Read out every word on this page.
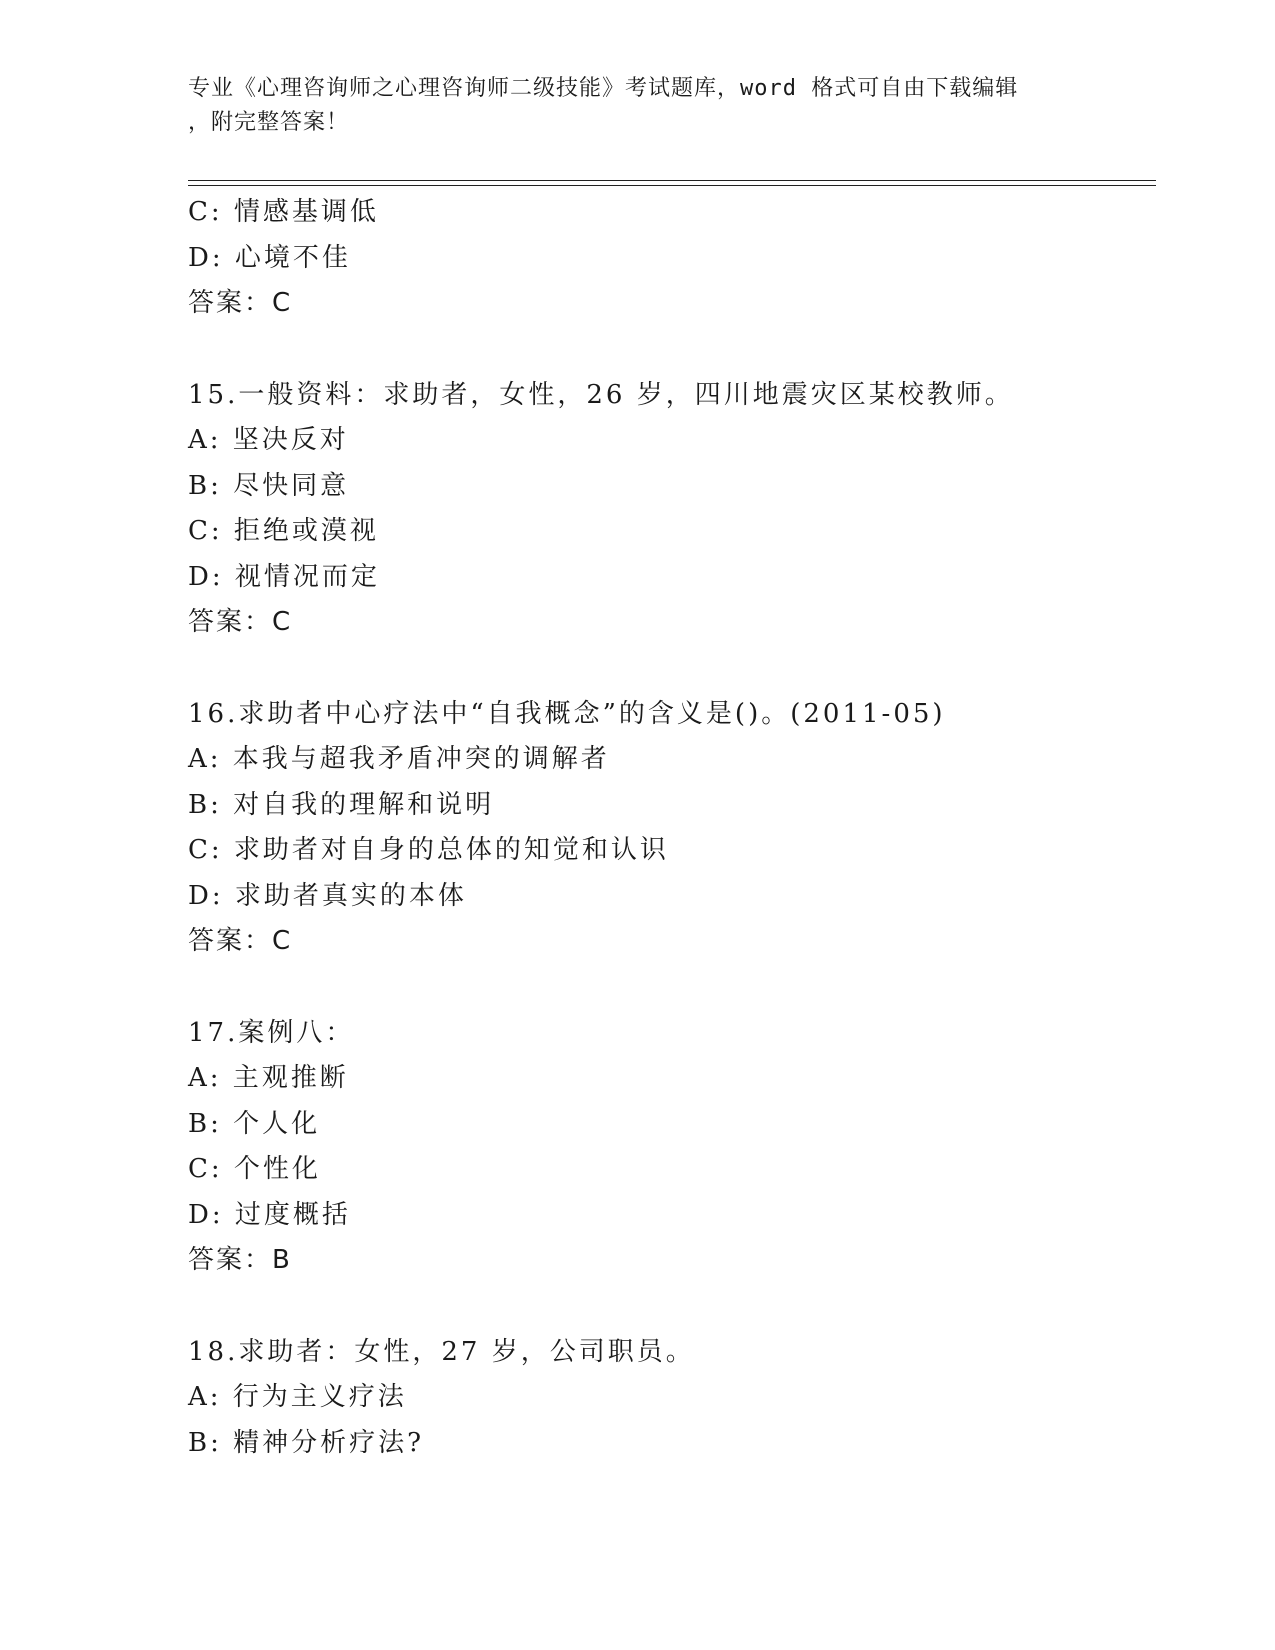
专业《心理咨询师之心理咨询师二级技能》考试题库，word 格式可自由下载编辑
，附完整答案！
C: 情感基调低
D: 心境不佳
答案：C
15.一般资料：求助者，女性，26 岁，四川地震灾区某校教师。
A: 坚决反对
B: 尽快同意
C: 拒绝或漠视
D: 视情况而定
答案：C
16.求助者中心疗法中“自我概念”的含义是()。(2011-05)
A: 本我与超我矛盾冲突的调解者
B: 对自我的理解和说明
C: 求助者对自身的总体的知觉和认识
D: 求助者真实的本体
答案：C
17.案例八：
A: 主观推断
B: 个人化
C: 个性化
D: 过度概括
答案：B
18.求助者：女性，27 岁，公司职员。
A: 行为主义疗法
B: 精神分析疗法?
